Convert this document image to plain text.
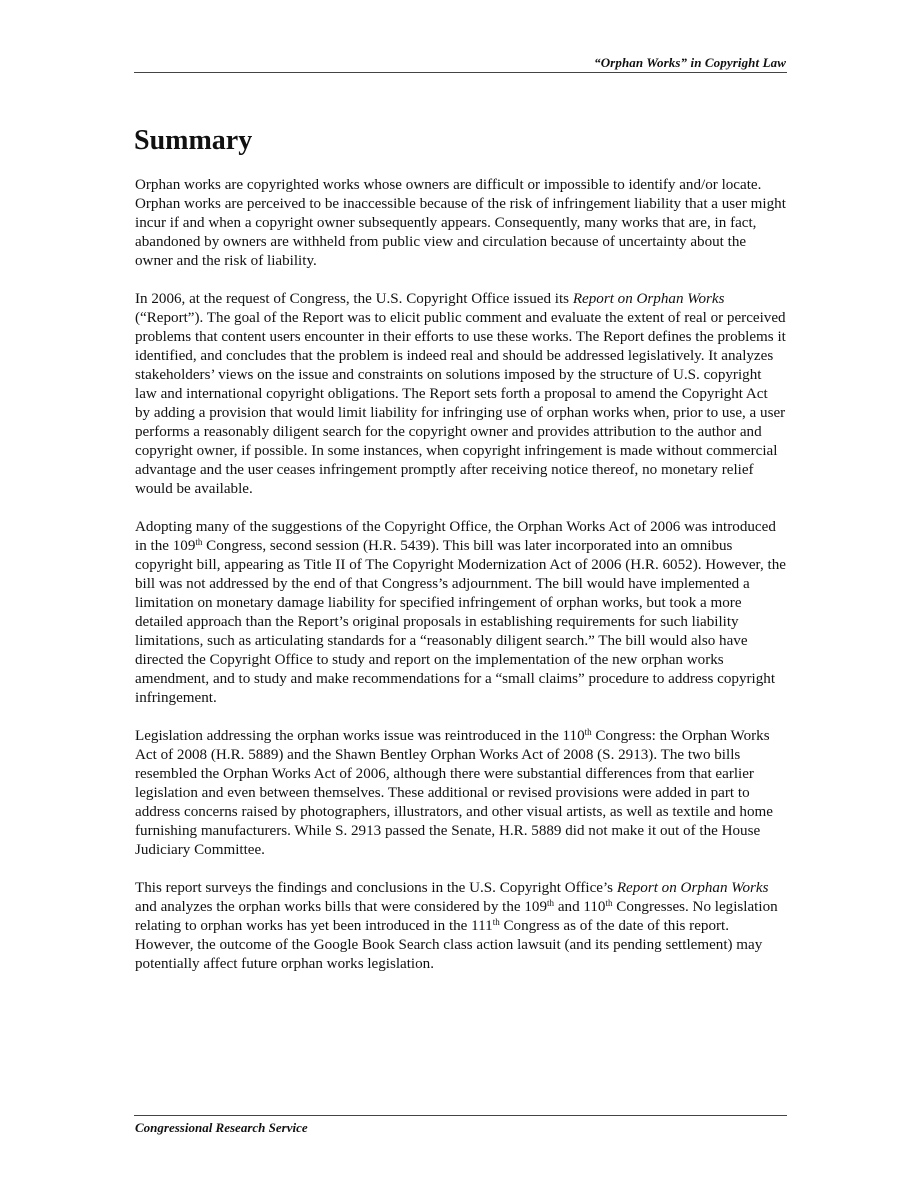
“Orphan Works” in Copyright Law
Summary

Orphan works are copyrighted works whose owners are difficult or impossible to identify and/or locate. Orphan works are perceived to be inaccessible because of the risk of infringement liability that a user might incur if and when a copyright owner subsequently appears. Consequently, many works that are, in fact, abandoned by owners are withheld from public view and circulation because of uncertainty about the owner and the risk of liability.

In 2006, at the request of Congress, the U.S. Copyright Office issued its Report on Orphan Works (“Report”). The goal of the Report was to elicit public comment and evaluate the extent of real or perceived problems that content users encounter in their efforts to use these works. The Report defines the problems it identified, and concludes that the problem is indeed real and should be addressed legislatively. It analyzes stakeholders’ views on the issue and constraints on solutions imposed by the structure of U.S. copyright law and international copyright obligations. The Report sets forth a proposal to amend the Copyright Act by adding a provision that would limit liability for infringing use of orphan works when, prior to use, a user performs a reasonably diligent search for the copyright owner and provides attribution to the author and copyright owner, if possible. In some instances, when copyright infringement is made without commercial advantage and the user ceases infringement promptly after receiving notice thereof, no monetary relief would be available.

Adopting many of the suggestions of the Copyright Office, the Orphan Works Act of 2006 was introduced in the 109th Congress, second session (H.R. 5439). This bill was later incorporated into an omnibus copyright bill, appearing as Title II of The Copyright Modernization Act of 2006 (H.R. 6052). However, the bill was not addressed by the end of that Congress’s adjournment. The bill would have implemented a limitation on monetary damage liability for specified infringement of orphan works, but took a more detailed approach than the Report’s original proposals in establishing requirements for such liability limitations, such as articulating standards for a “reasonably diligent search.” The bill would also have directed the Copyright Office to study and report on the implementation of the new orphan works amendment, and to study and make recommendations for a “small claims” procedure to address copyright infringement.

Legislation addressing the orphan works issue was reintroduced in the 110th Congress: the Orphan Works Act of 2008 (H.R. 5889) and the Shawn Bentley Orphan Works Act of 2008 (S. 2913). The two bills resembled the Orphan Works Act of 2006, although there were substantial differences from that earlier legislation and even between themselves. These additional or revised provisions were added in part to address concerns raised by photographers, illustrators, and other visual artists, as well as textile and home furnishing manufacturers. While S. 2913 passed the Senate, H.R. 5889 did not make it out of the House Judiciary Committee.

This report surveys the findings and conclusions in the U.S. Copyright Office’s Report on Orphan Works and analyzes the orphan works bills that were considered by the 109th and 110th Congresses. No legislation relating to orphan works has yet been introduced in the 111th Congress as of the date of this report. However, the outcome of the Google Book Search class action lawsuit (and its pending settlement) may potentially affect future orphan works legislation.

Congressional Research Service
